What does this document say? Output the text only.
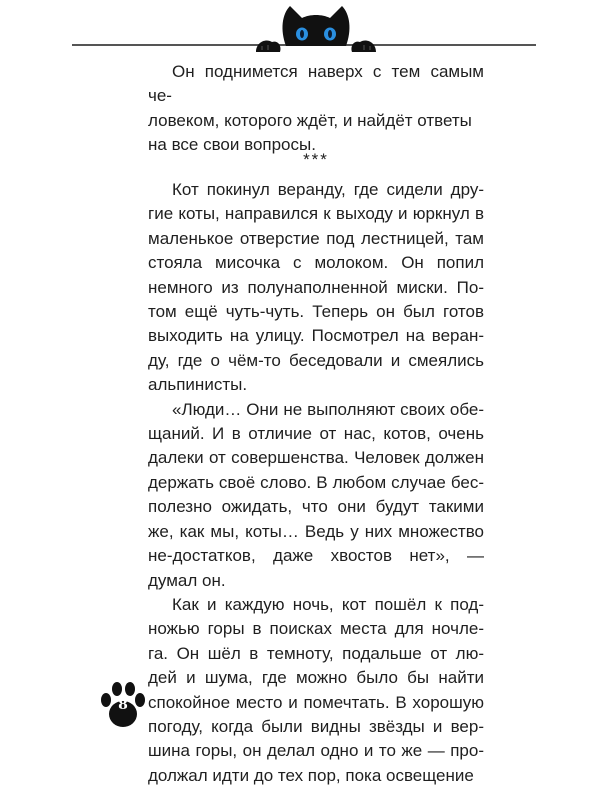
Он поднимется наверх с тем самым че-
ловеком, которого ждёт, и найдёт ответы
на все свои вопросы.
***
Кот покинул веранду, где сидели дру-гие коты, направился к выходу и юркнул в маленькое отверстие под лестницей, там стояла мисочка с молоком. Он попил немного из полунаполненной миски. По-том ещё чуть-чуть. Теперь он был готов выходить на улицу. Посмотрел на веран-ду, где о чём-то беседовали и смеялись альпинисты.
«Люди… Они не выполняют своих обе-щаний. И в отличие от нас, котов, очень далеки от совершенства. Человек должен держать своё слово. В любом случае бес-полезно ожидать, что они будут такими же, как мы, коты… Ведь у них множество не-достатков, даже хвостов нет», — думал он.
Как и каждую ночь, кот пошёл к под-ножью горы в поисках места для ночле-га. Он шёл в темноту, подальше от лю-дей и шума, где можно было бы найти спокойное место и помечтать. В хорошую погоду, когда были видны звёзды и вер-шина горы, он делал одно и то же — про-должал идти до тех пор, пока освещение
8
